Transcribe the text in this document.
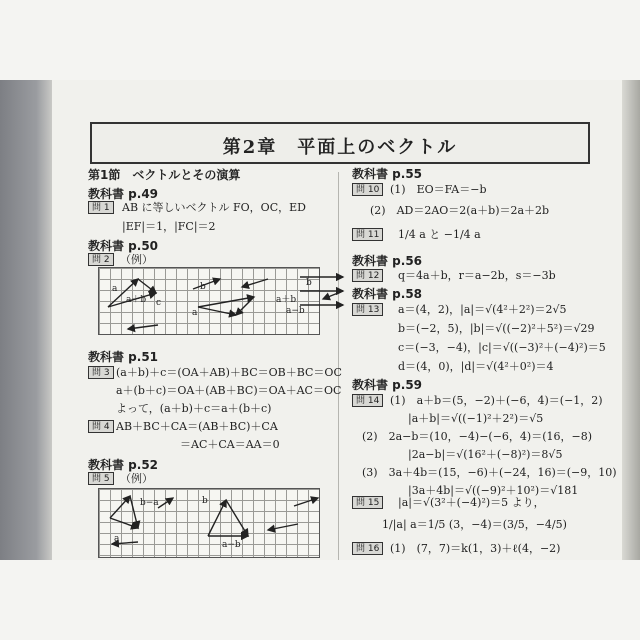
第2章　平面上のベクトル
第1節　ベクトルとその演算
教科書 p.49
問 1	AB に等しいベクトル FO，OC，ED
|EF|＝1，|FC|＝2
教科書 p.50
問 2 （例）
a
a＋b
b
c
a
b
a＋b
a−b
教科書 p.51
問 3 (a＋b)＋c＝(OA＋AB)＋BC＝OB＋BC＝OC
a＋(b＋c)＝OA＋(AB＋BC)＝OA＋AC＝OC
よって，(a＋b)＋c＝a＋(b＋c)
問 4 AB＋BC＋CA＝(AB＋BC)＋CA
＝AC＋CA＝AA＝0
教科書 p.52
問 5 （例）
b−a
a
b
a−b
教科書 p.55
問 10 (1)　EO＝FA＝−b
(2)　AD＝2AO＝2(a＋b)＝2a＋2b
問 11	1/4 a と −1/4 a
教科書 p.56
問 12	q＝4a＋b，r＝a−2b，s＝−3b
教科書 p.58
問 13	a＝(4，2)，|a|＝√(4²＋2²)＝2√5
b＝(−2，5)，|b|＝√((−2)²＋5²)＝√29
c＝(−3，−4)，|c|＝√((−3)²＋(−4)²)＝5
d＝(4，0)，|d|＝√(4²＋0²)＝4
教科書 p.59
問 14 (1)　a＋b＝(5，−2)＋(−6，4)＝(−1，2)
|a＋b|＝√((−1)²＋2²)＝√5
(2)　2a−b＝(10，−4)−(−6，4)＝(16，−8)
|2a−b|＝√(16²＋(−8)²)＝8√5
(3)　3a＋4b＝(15，−6)＋(−24，16)＝(−9，10)
|3a＋4b|＝√((−9)²＋10²)＝√181
問 15	|a|＝√(3²＋(−4)²)＝5 より，
1/|a| a＝1/5 (3，−4)＝(3/5，−4/5)
問 16 (1)　(7，7)＝k(1，3)＋ℓ(4，−2)
